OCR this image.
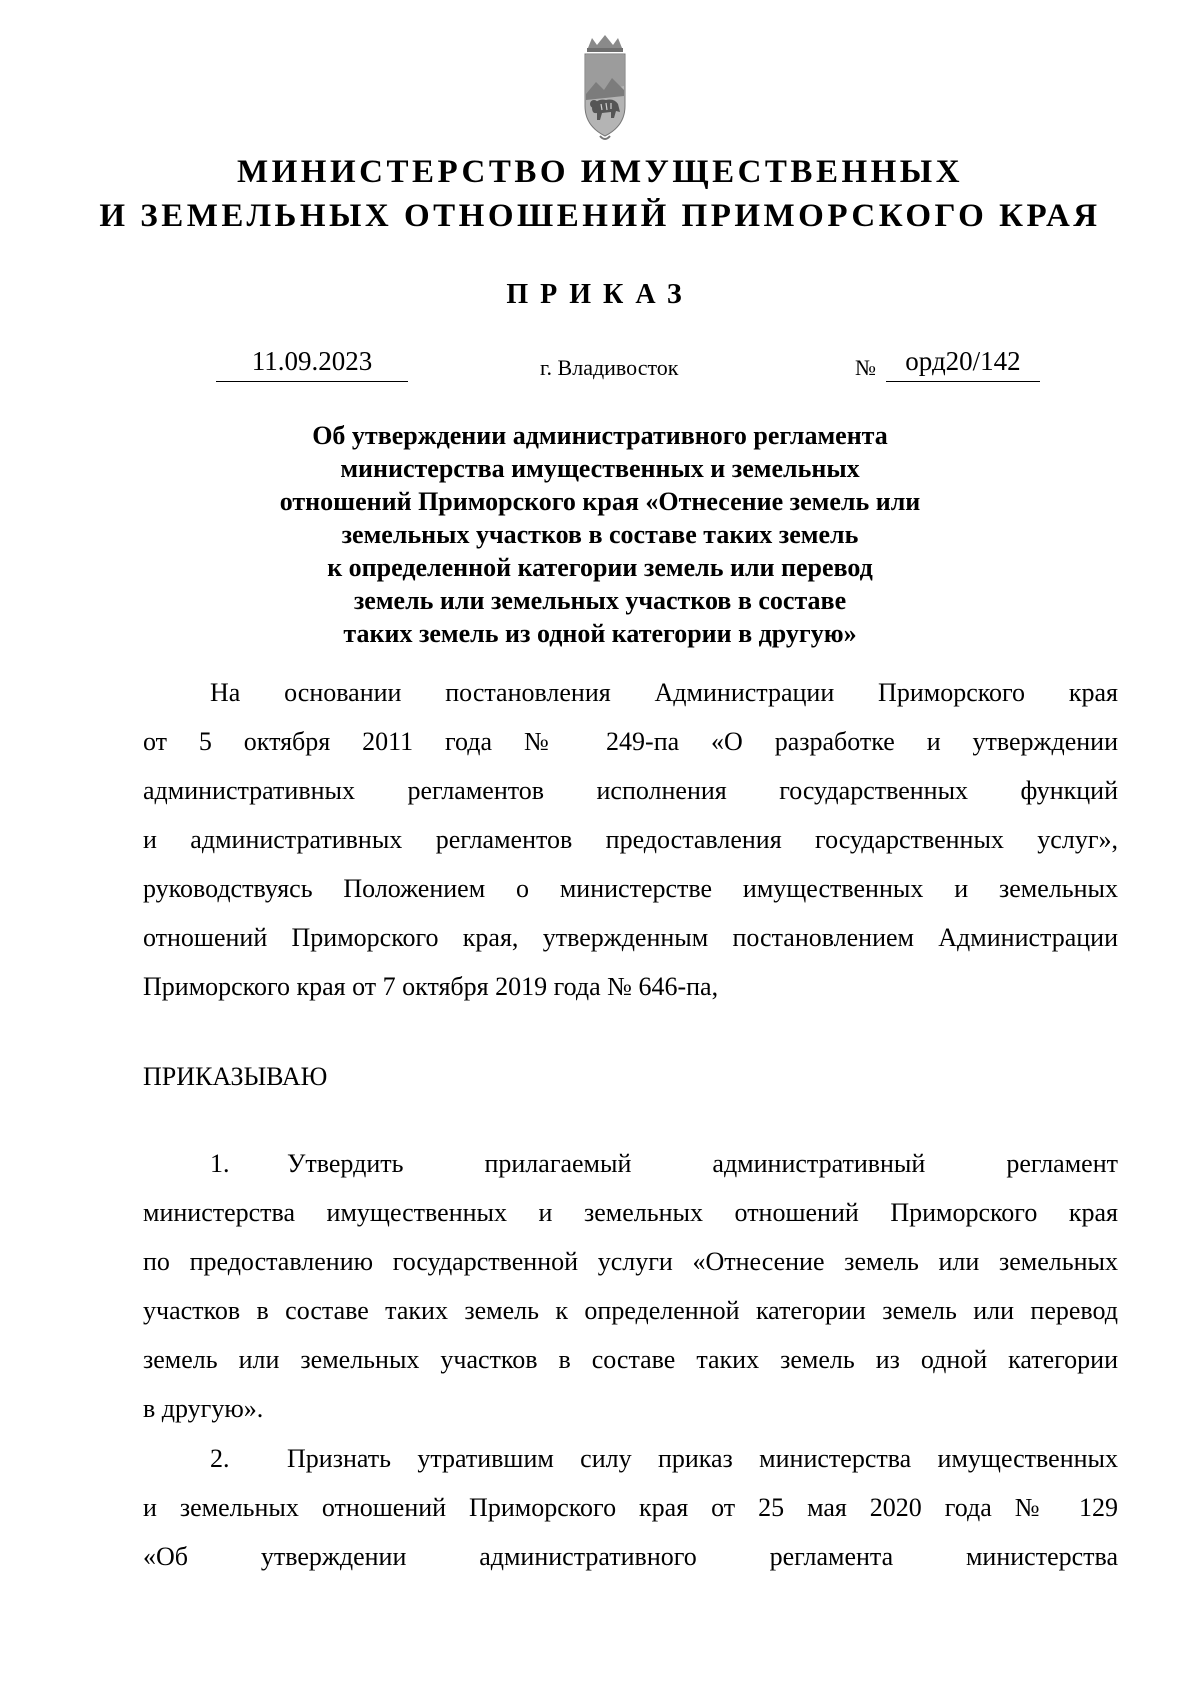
МИНИСТЕРСТВО ИМУЩЕСТВЕННЫХ
И ЗЕМЕЛЬНЫХ ОТНОШЕНИЙ ПРИМОРСКОГО КРАЯ
ПРИКАЗ
11.09.2023	г. Владивосток	№	орд20/142
Об утверждении административного регламента
министерства имущественных и земельных
отношений Приморского края «Отнесение земель или
земельных участков в составе таких земель
к определенной категории земель или перевод
земель или земельных участков в составе
таких земель из одной категории в другую»
На основании постановления Администрации Приморского края
от 5 октября 2011 года № 249-па «О разработке и утверждении
административных регламентов исполнения государственных функций
и административных регламентов предоставления государственных услуг»,
руководствуясь Положением о министерстве имущественных и земельных
отношений Приморского края, утвержденным постановлением Администрации
Приморского края от 7 октября 2019 года № 646-па,
ПРИКАЗЫВАЮ
1. Утвердить прилагаемый административный регламент
министерства имущественных и земельных отношений Приморского края
по предоставлению государственной услуги «Отнесение земель или земельных
участков в составе таких земель к определенной категории земель или перевод
земель или земельных участков в составе таких земель из одной категории
в другую».
2. Признать утратившим силу приказ министерства имущественных
и земельных отношений Приморского края от 25 мая 2020 года № 129
«Об утверждении административного регламента министерства
